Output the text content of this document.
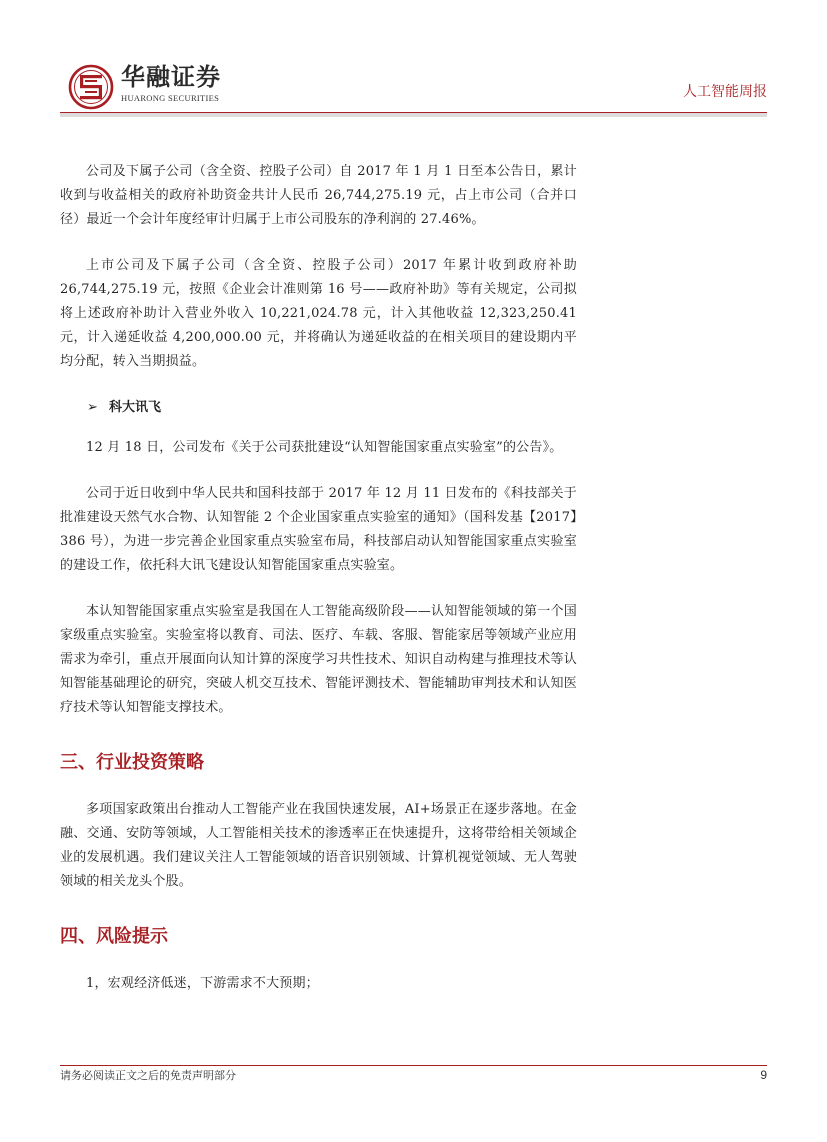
华融证券
HUARONG SECURITIES	人工智能周报

公司及下属子公司（含全资、控股子公司）自 2017 年 1 月 1 日至本公告日，累计收到与收益相关的政府补助资金共计人民币 26,744,275.19 元，占上市公司（合并口径）最近一个会计年度经审计归属于上市公司股东的净利润的 27.46%。

上市公司及下属子公司（含全资、控股子公司）2017 年累计收到政府补助 26,744,275.19 元，按照《企业会计准则第 16 号——政府补助》等有关规定，公司拟将上述政府补助计入营业外收入 10,221,024.78 元，计入其他收益 12,323,250.41 元，计入递延收益 4,200,000.00 元，并将确认为递延收益的在相关项目的建设期内平均分配，转入当期损益。

➢ 科大讯飞

12 月 18 日，公司发布《关于公司获批建设“认知智能国家重点实验室”的公告》。

公司于近日收到中华人民共和国科技部于 2017 年 12 月 11 日发布的《科技部关于批准建设天然气水合物、认知智能 2 个企业国家重点实验室的通知》（国科发基【2017】386 号），为进一步完善企业国家重点实验室布局，科技部启动认知智能国家重点实验室的建设工作，依托科大讯飞建设认知智能国家重点实验室。

本认知智能国家重点实验室是我国在人工智能高级阶段——认知智能领域的第一个国家级重点实验室。实验室将以教育、司法、医疗、车载、客服、智能家居等领域产业应用需求为牵引，重点开展面向认知计算的深度学习共性技术、知识自动构建与推理技术等认知智能基础理论的研究，突破人机交互技术、智能评测技术、智能辅助审判技术和认知医疗技术等认知智能支撑技术。

三、行业投资策略

多项国家政策出台推动人工智能产业在我国快速发展，AI+场景正在逐步落地。在金融、交通、安防等领域，人工智能相关技术的渗透率正在快速提升，这将带给相关领域企业的发展机遇。我们建议关注人工智能领域的语音识别领域、计算机视觉领域、无人驾驶领域的相关龙头个股。

四、风险提示

1，宏观经济低迷，下游需求不大预期；

请务必阅读正文之后的免责声明部分	9
